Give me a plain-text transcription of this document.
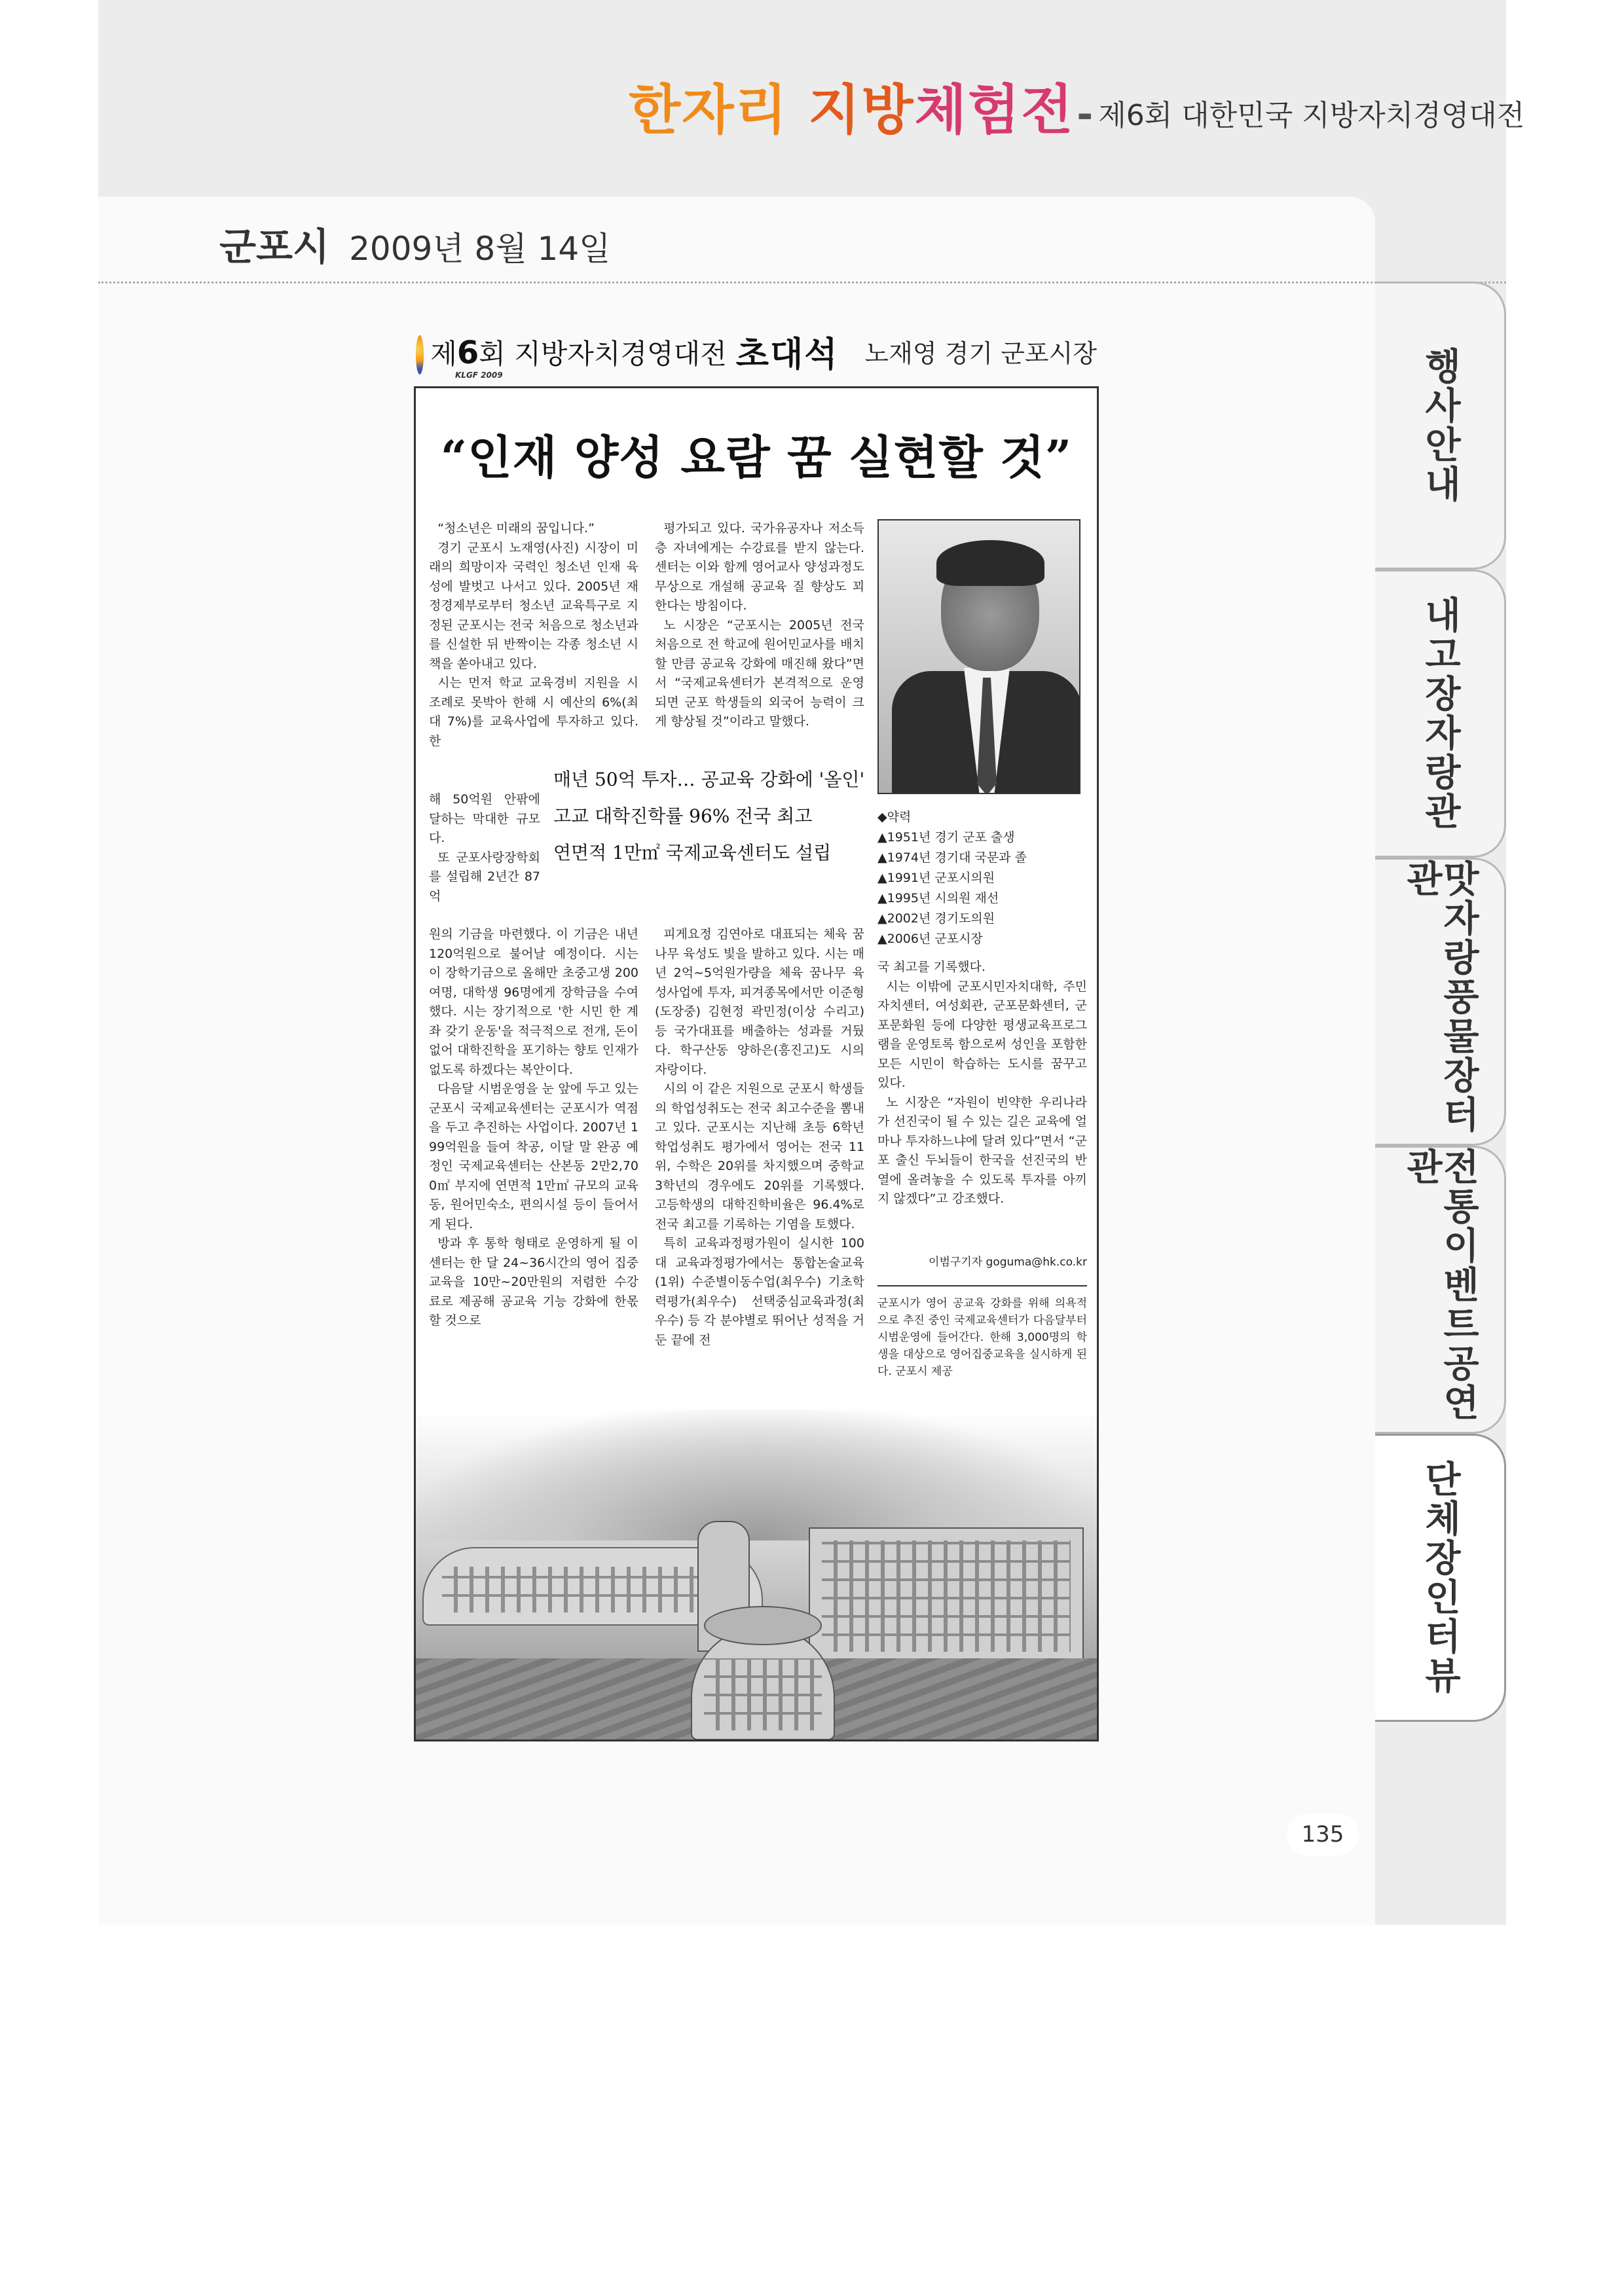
한자리 지방체험전 - 제6회 대한민국 지방자치경영대전
군포시 2009년 8월 14일
행사안내
내고장자랑관
맛자랑풍물장터관
전통이벤트공연관
단체장인터뷰
KLGF 2009
제6회 지방자치경영대전 초대석 노재영 경기 군포시장
“인재 양성 요람 꿈 실현할 것”

“청소년은 미래의 꿈입니다.”

경기 군포시 노재영(사진) 시장이 미래의 희망이자 국력인 청소년 인재 육성에 발벗고 나서고 있다. 2005년 재정경제부로부터 청소년 교육특구로 지정된 군포시는 전국 처음으로 청소년과를 신설한 뒤 반짝이는 각종 청소년 시책을 쏟아내고 있다.

시는 먼저 학교 교육경비 지원을 시 조례로 못박아 한해 시 예산의 6%(최대 7%)를 교육사업에 투자하고 있다. 한

해 50억원 안팎에 달하는 막대한 규모다.

또 군포사랑장학회를 설립해 2년간 87억

평가되고 있다. 국가유공자나 저소득층 자녀에게는 수강료를 받지 않는다. 센터는 이와 함께 영어교사 양성과정도 무상으로 개설해 공교육 질 향상도 꾀한다는 방침이다.

노 시장은 “군포시는 2005년 전국 처음으로 전 학교에 원어민교사를 배치할 만큼 공교육 강화에 매진해 왔다”면서 “국제교육센터가 본격적으로 운영되면 군포 학생들의 외국어 능력이 크게 향상될 것”이라고 말했다.

매년 50억 투자… 공교육 강화에 '올인'
고교 대학진학률 96% 전국 최고
연면적 1만㎡ 국제교육센터도 설립

원의 기금을 마련했다. 이 기금은 내년 120억원으로 불어날 예정이다. 시는 이 장학기금으로 올해만 초중고생 200여명, 대학생 96명에게 장학금을 수여했다. 시는 장기적으로 '한 시민 한 계좌 갖기 운동'을 적극적으로 전개, 돈이 없어 대학진학을 포기하는 향토 인재가 없도록 하겠다는 복안이다.

다음달 시범운영을 눈 앞에 두고 있는 군포시 국제교육센터는 군포시가 역점을 두고 추진하는 사업이다. 2007년 199억원을 들여 착공, 이달 말 완공 예정인 국제교육센터는 산본동 2만2,700㎡ 부지에 연면적 1만㎡ 규모의 교육동, 원어민숙소, 편의시설 등이 들어서게 된다.

방과 후 통학 형태로 운영하게 될 이 센터는 한 달 24~36시간의 영어 집중교육을 10만~20만원의 저렴한 수강료로 제공해 공교육 기능 강화에 한몫 할 것으로

피게요정 김연아로 대표되는 체육 꿈나무 육성도 빛을 발하고 있다. 시는 매년 2억~5억원가량을 체육 꿈나무 육성사업에 투자, 피겨종목에서만 이준형(도장중) 김현정 곽민정(이상 수리고) 등 국가대표를 배출하는 성과를 거뒀다. 학구산동 양하은(흥진고)도 시의 자랑이다.

시의 이 같은 지원으로 군포시 학생들의 학업성취도는 전국 최고수준을 뽐내고 있다. 군포시는 지난해 초등 6학년 학업성취도 평가에서 영어는 전국 11위, 수학은 20위를 차지했으며 중학교 3학년의 경우에도 20위를 기록했다. 고등학생의 대학진학비율은 96.4%로 전국 최고를 기록하는 기염을 토했다.

특히 교육과정평가원이 실시한 100대 교육과정평가에서는 통합논술교육(1위) 수준별이동수업(최우수) 기초학력평가(최우수) 선택중심교육과정(최우수) 등 각 분야별로 뛰어난 성적을 거둔 끝에 전

◆약력
▲1951년 경기 군포 출생
▲1974년 경기대 국문과 졸
▲1991년 군포시의원
▲1995년 시의원 재선
▲2002년 경기도의원
▲2006년 군포시장

국 최고를 기록했다.

시는 이밖에 군포시민자치대학, 주민자치센터, 여성회관, 군포문화센터, 군포문화원 등에 다양한 평생교육프로그램을 운영토록 함으로써 성인을 포함한 모든 시민이 학습하는 도시를 꿈꾸고 있다.

노 시장은 “자원이 빈약한 우리나라가 선진국이 될 수 있는 길은 교육에 얼마나 투자하느냐에 달려 있다”면서 “군포 출신 두뇌들이 한국을 선진국의 반열에 올려놓을 수 있도록 투자를 아끼지 않겠다”고 강조했다.

이범구기자 goguma@hk.co.kr
군포시가 영어 공교육 강화를 위해 의욕적으로 추진 중인 국제교육센터가 다음달부터 시범운영에 들어간다. 한해 3,000명의 학생을 대상으로 영어집중교육을 실시하게 된다. 군포시 제공
135
